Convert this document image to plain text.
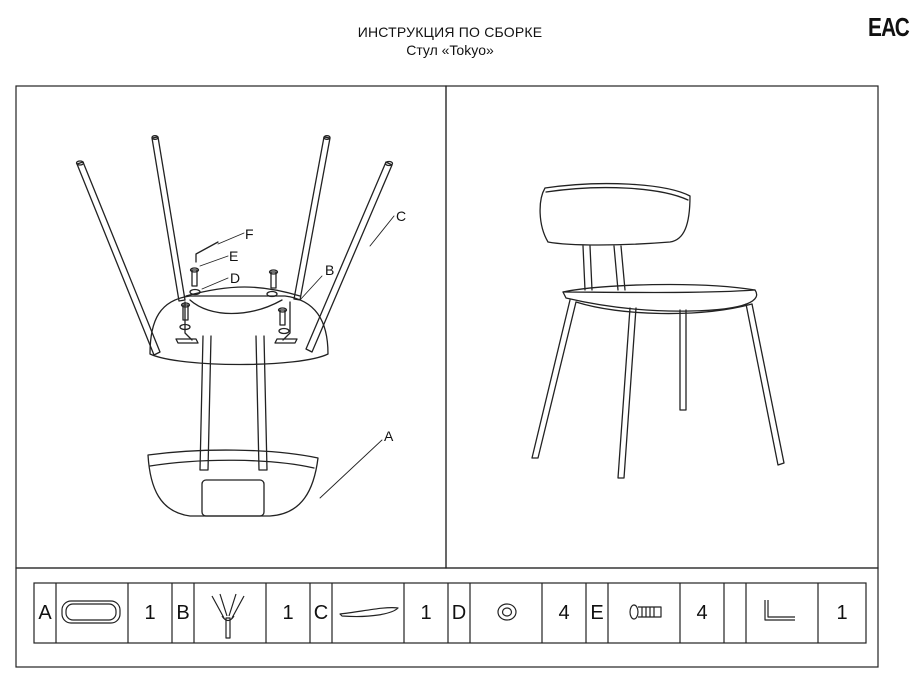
ИНСТРУКЦИЯ ПО СБОРКЕ
Стул «Tokyo»
ЕАС
F
E
D
C
B
A
A	1	B	1	C	1	D	4	E	4	1
